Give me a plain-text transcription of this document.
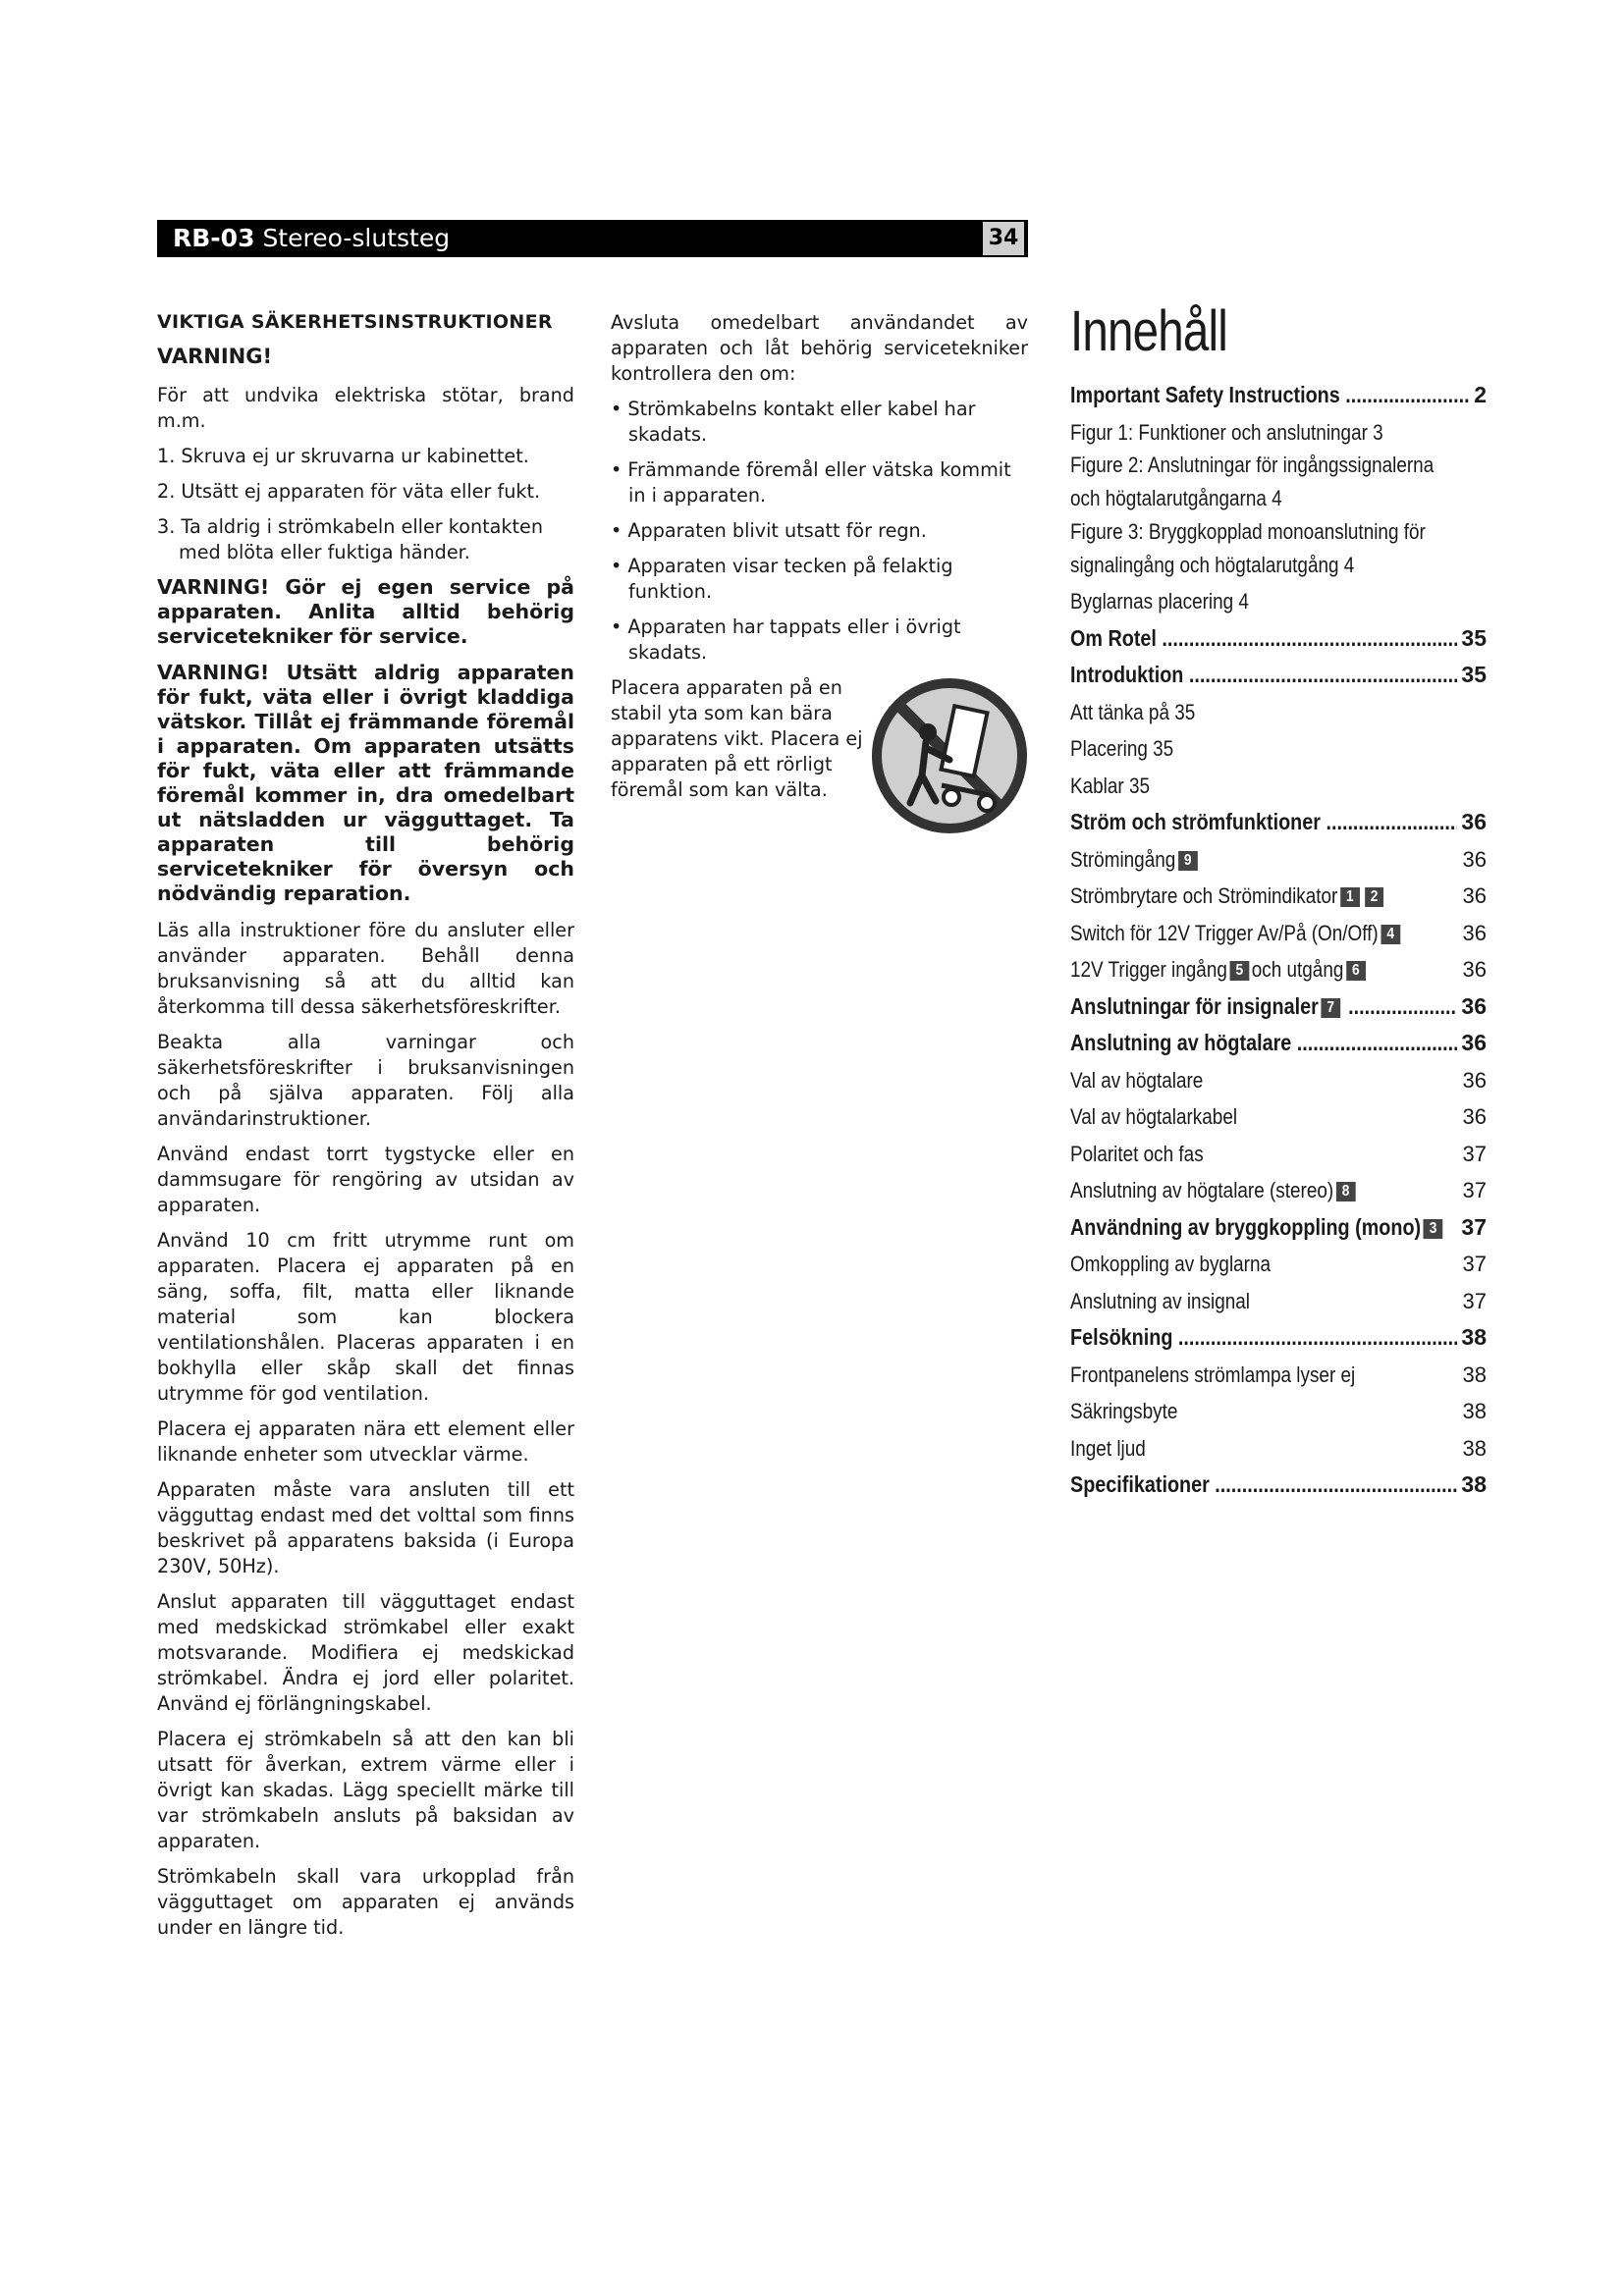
RB-03 Stereo-slutsteg	34
VIKTIGA SÄKERHETSINSTRUKTIONER
VARNING!

För att undvika elektriska stötar, brand m.m.

1. Skruva ej ur skruvarna ur kabinettet.
2. Utsätt ej apparaten för väta eller fukt.
3. Ta aldrig i strömkabeln eller kontakten med blöta eller fuktiga händer.
VARNING! Gör ej egen service på apparaten. Anlita alltid behörig servicetekniker för service.
VARNING! Utsätt aldrig apparaten för fukt, väta eller i övrigt kladdiga vätskor. Tillåt ej främmande föremål i apparaten. Om apparaten utsätts för fukt, väta eller att främmande föremål kommer in, dra omedelbart ut nätsladden ur vägguttaget. Ta apparaten till behörig servicetekniker för översyn och nödvändig reparation.

Läs alla instruktioner före du ansluter eller använder apparaten. Behåll denna bruksanvisning så att du alltid kan återkomma till dessa säkerhetsföreskrifter.

Beakta alla varningar och säkerhetsföreskrifter i bruksanvisningen och på själva apparaten. Följ alla användarinstruktioner.

Använd endast torrt tygstycke eller en dammsugare för rengöring av utsidan av apparaten.

Använd 10 cm fritt utrymme runt om apparaten. Placera ej apparaten på en säng, soffa, filt, matta eller liknande material som kan blockera ventilationshålen. Placeras apparaten i en bokhylla eller skåp skall det finnas utrymme för god ventilation.

Placera ej apparaten nära ett element eller liknande enheter som utvecklar värme.

Apparaten måste vara ansluten till ett vägguttag endast med det volttal som finns beskrivet på apparatens baksida (i Europa 230V, 50Hz).

Anslut apparaten till vägguttaget endast med medskickad strömkabel eller exakt motsvarande. Modifiera ej medskickad strömkabel. Ändra ej jord eller polaritet. Använd ej förlängningskabel.

Placera ej strömkabeln så att den kan bli utsatt för åverkan, extrem värme eller i övrigt kan skadas. Lägg speciellt märke till var strömkabeln ansluts på baksidan av apparaten.

Strömkabeln skall vara urkopplad från vägguttaget om apparaten ej används under en längre tid.

Avsluta omedelbart användandet av apparaten och låt behörig servicetekniker kontrollera den om:

• Strömkabelns kontakt eller kabel har skadats.
• Främmande föremål eller vätska kommit in i apparaten.
• Apparaten blivit utsatt för regn.
• Apparaten visar tecken på felaktig funktion.
• Apparaten har tappats eller i övrigt skadats.

Placera apparaten på en stabil yta som kan bära apparatens vikt. Placera ej apparaten på ett rörligt föremål som kan välta.

Innehåll
Important Safety Instructions .....	2
Figur 1: Funktioner och anslutningar 3
Figure 2: Anslutningar för ingångssignalerna
och högtalarutgångarna 4
Figure 3: Bryggkopplad monoanslutning för
signalingång och högtalarutgång 4
Byglarnas placering 4
Om Rotel .....	35
Introduktion .....	35
Att tänka på 35
Placering 35
Kablar 35
Ström och strömfunktioner .....	36
Strömingång 9	36
Strömbrytare och Strömindikator 1 2	36
Switch för 12V Trigger Av/På (On/Off) 4	36
12V Trigger ingång 5 och utgång 6	36
Anslutningar för insignaler 7 .....	36
Anslutning av högtalare .....	36
Val av högtalare	36
Val av högtalarkabel	36
Polaritet och fas	37
Anslutning av högtalare (stereo) 8	37
Användning av bryggkoppling (mono) 3 37
Omkoppling av byglarna	37
Anslutning av insignal	37
Felsökning .....	38
Frontpanelens strömlampa lyser ej	38
Säkringsbyte	38
Inget ljud	38
Specifikationer .....	38
